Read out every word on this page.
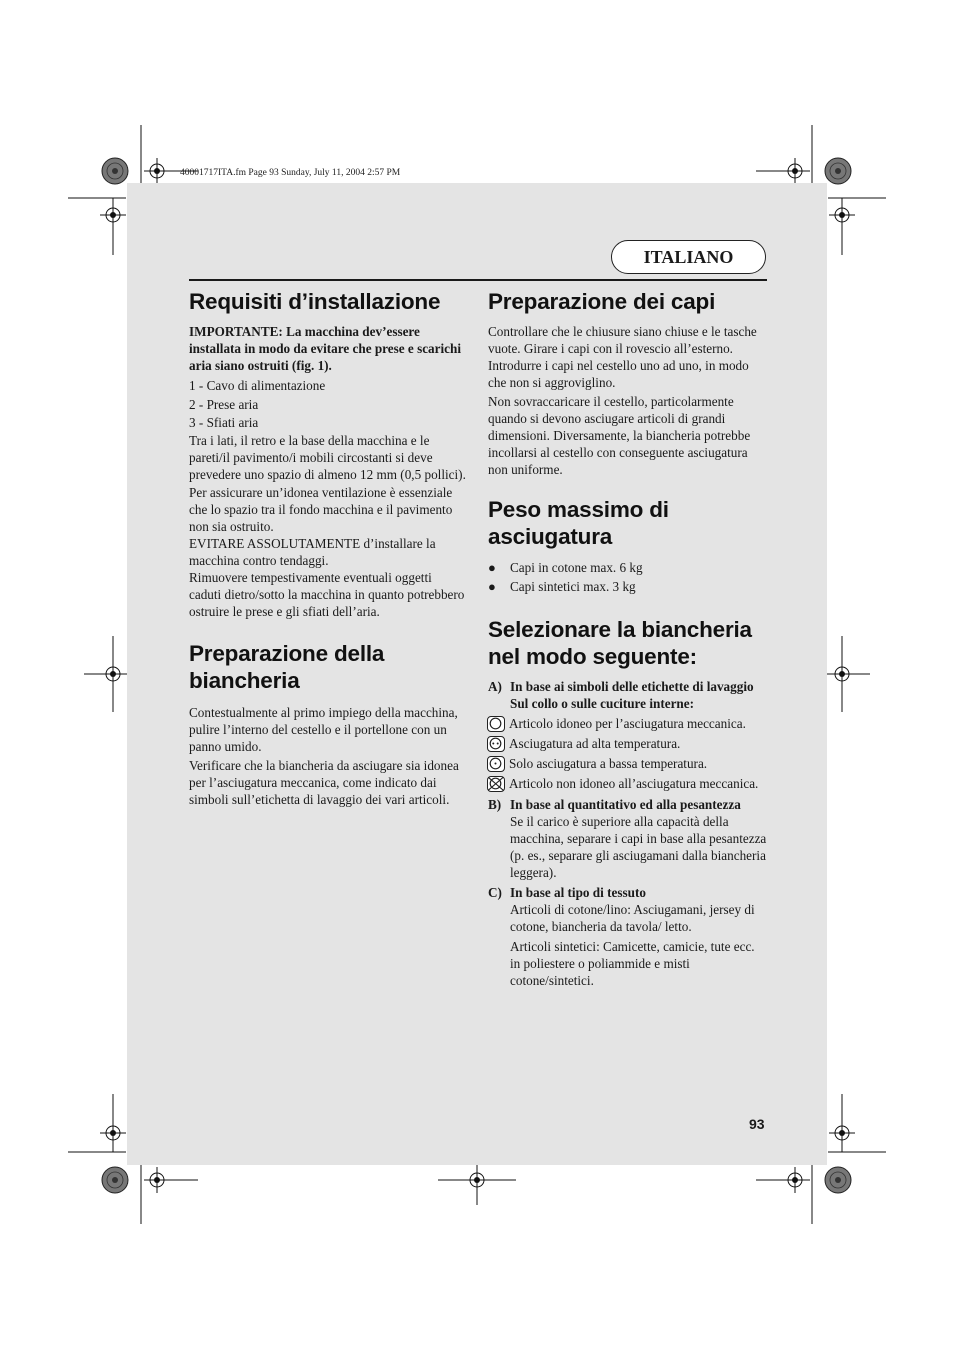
40001717ITA.fm Page 93 Sunday, July 11, 2004 2:57 PM
ITALIANO
Requisiti d’installazione

IMPORTANTE: La macchina dev’essere installata in modo da evitare che prese e scarichi aria siano ostruiti (fig. 1).

1 - Cavo di alimentazione

2 - Prese aria

3 - Sfiati aria

Tra i lati, il retro e la base della macchina e le pareti/il pavimento/i mobili circostanti si deve prevedere uno spazio di almeno 12 mm (0,5 pollici).

Per assicurare un’idonea ventilazione è essenziale che lo spazio tra il fondo macchina e il pavimento non sia ostruito.

EVITARE ASSOLUTAMENTE d’installare la macchina contro tendaggi.

Rimuovere tempestivamente eventuali oggetti caduti dietro/sotto la macchina in quanto potrebbero ostruire le prese e gli sfiati dell’aria.

Preparazione della biancheria

Contestualmente al primo impiego della macchina, pulire l’interno del cestello e il portellone con un panno umido.

Verificare che la biancheria da asciugare sia idonea per l’asciugatura meccanica, come indicato dai simboli sull’etichetta di lavaggio dei vari articoli.

Preparazione dei capi

Controllare che le chiusure siano chiuse e le tasche vuote. Girare i capi con il rovescio all’esterno. Introdurre i capi nel cestello uno ad uno, in modo che non si aggroviglino.

Non sovraccaricare il cestello, particolarmente quando si devono asciugare articoli di grandi dimensioni. Diversamente, la biancheria potrebbe incollarsi al cestello con conseguente asciugatura non uniforme.

Peso massimo di asciugatura
●	Capi in cotone max. 6 kg
●	Capi sintetici max. 3 kg
Selezionare la biancheria nel modo seguente:
A) In base ai simboli delle etichette di lavaggio
Sul collo o sulle cuciture interne:
Articolo idoneo per l’asciugatura meccanica.
Asciugatura ad alta temperatura.
Solo asciugatura a bassa temperatura.
Articolo non idoneo all’asciugatura meccanica.
B) In base al quantitativo ed alla pesantezza
Se il carico è superiore alla capacità della macchina, separare i capi in base alla pesantezza (p. es., separare gli asciugamani dalla biancheria leggera).
C) In base al tipo di tessuto
Articoli di cotone/lino: Asciugamani, jersey di cotone, biancheria da tavola/ letto.
Articoli sintetici: Camicette, camicie, tute ecc. in poliestere o poliammide e misti cotone/sintetici.
93
